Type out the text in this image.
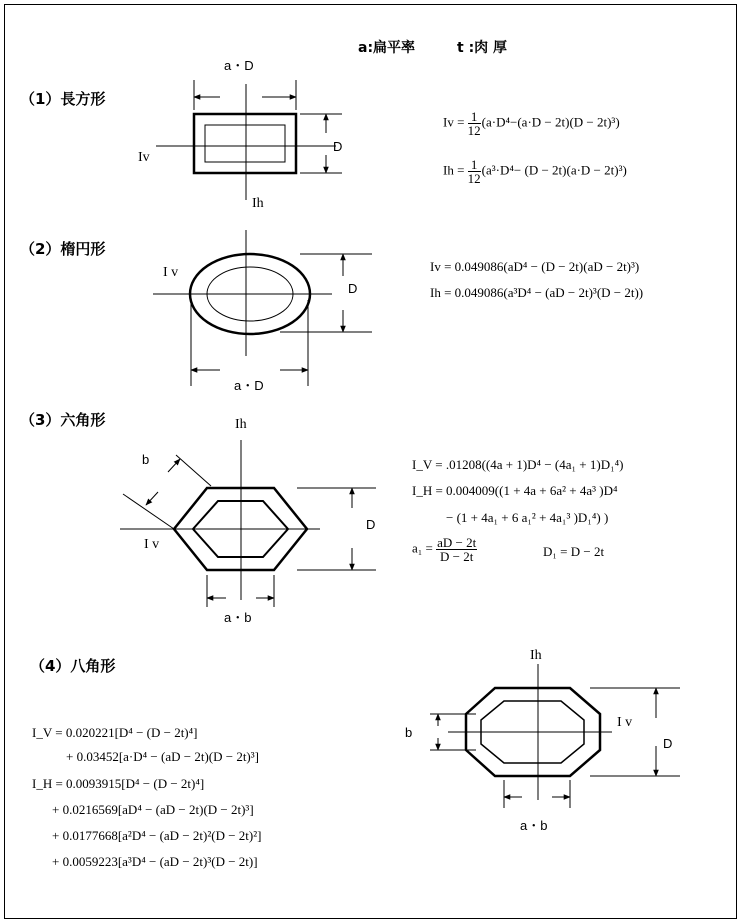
a:扁平率	t :肉 厚
（1）長方形
（2）楕円形
（3）六角形
（4）八角形
a・D
D
Iv
Ih
$Iv = \frac{1}{12} (a\cdot D^4-(a\cdot D - 2t)(D - 2t)^3)$
$Ih = \frac{1}{12} (a^3\cdot D^4- (D - 2t)(a\cdot D - 2t)^3)$
I v
D
a・D
Iv = 0.049086(aD⁴ − (D − 2t)(aD − 2t)³)
Ih = 0.049086(a³D⁴ − (aD − 2t)³(D − 2t))
Ih
b
I v
D
a・b
I_V = .01208((4a + 1)D⁴ − (4a₁ + 1)D₁⁴)
I_H = 0.004009((1 + 4a + 6a² + 4a³ )D⁴
− (1 + 4a₁ + 6 a₁² + 4a₁³ )D₁⁴) )
$a_1 = \frac{aD - 2t}{D - 2t}$	D₁ = D − 2t
Ih
I v
b
D
a・b
I_V = 0.020221[D⁴ − (D − 2t)⁴]
+ 0.03452[a·D⁴ − (aD − 2t)(D − 2t)³]
I_H = 0.0093915[D⁴ − (D − 2t)⁴]
+ 0.0216569[aD⁴ − (aD − 2t)(D − 2t)³]
+ 0.0177668[a²D⁴ − (aD − 2t)²(D − 2t)²]
+ 0.0059223[a³D⁴ − (aD − 2t)³(D − 2t)]
